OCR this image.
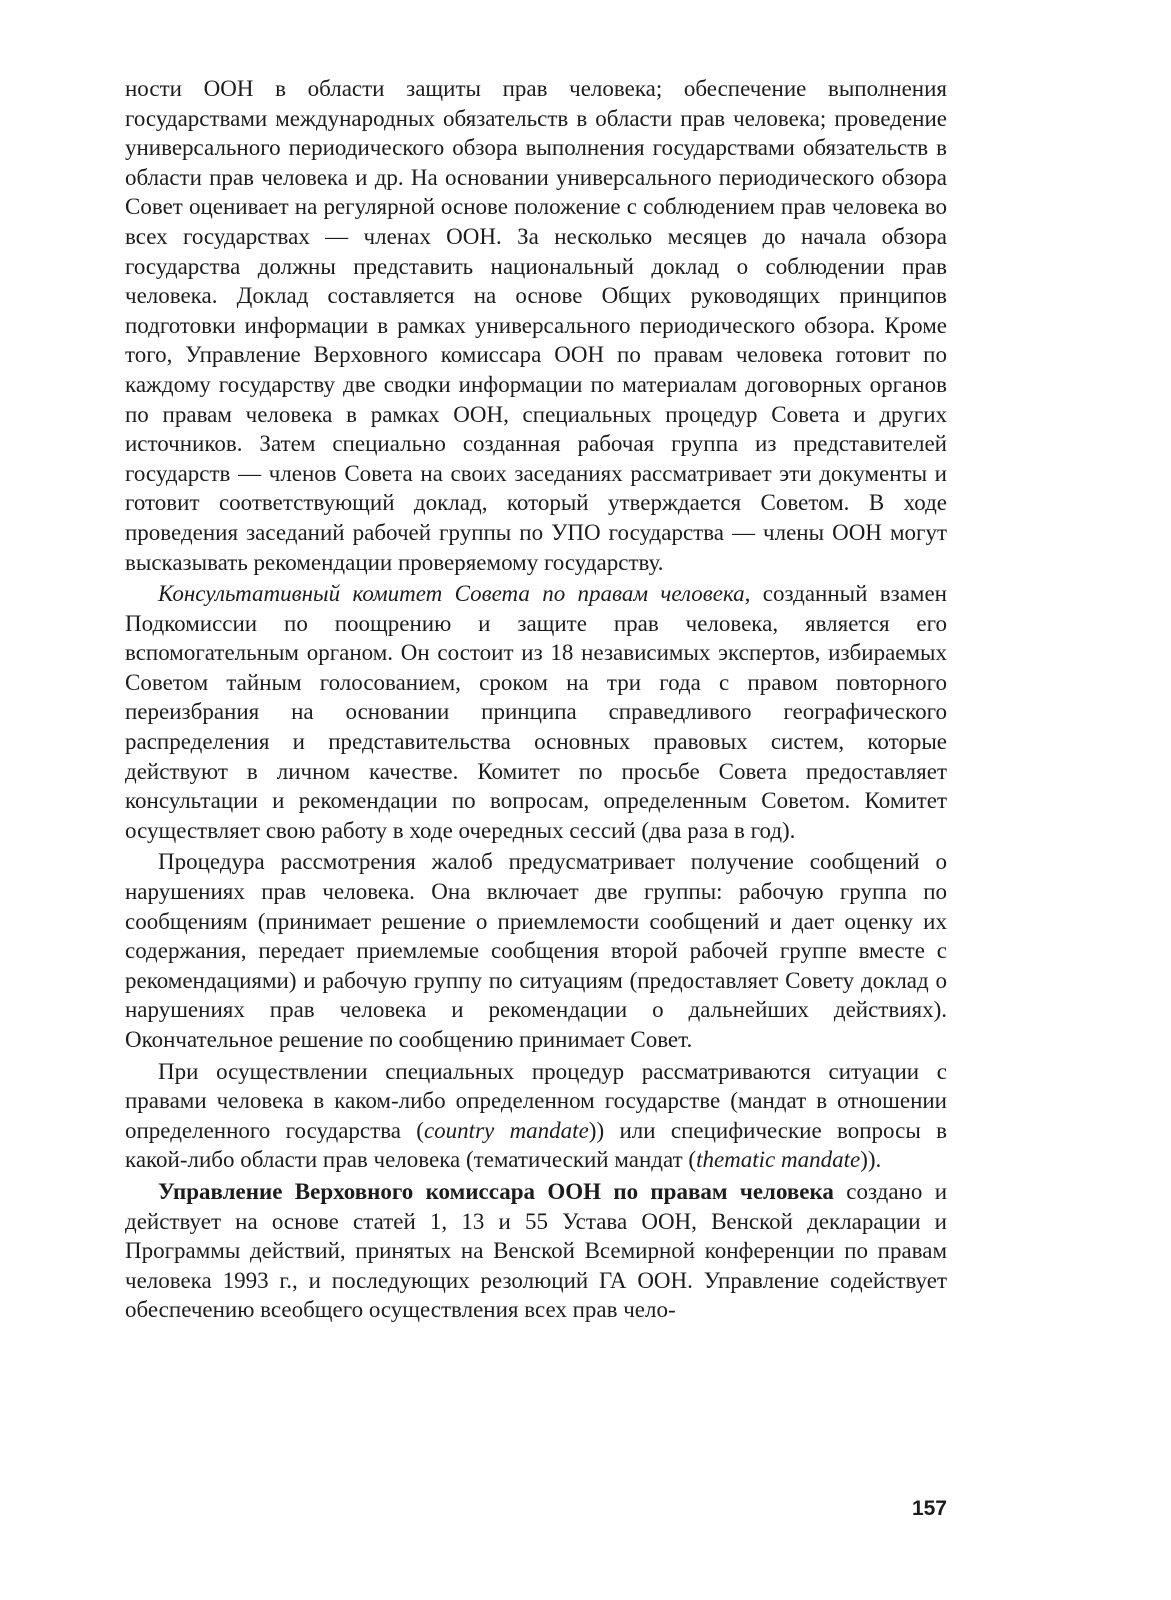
ности ООН в области защиты прав человека; обеспечение выполнения государствами международных обязательств в области прав человека; проведение универсального периодического обзора выполнения государствами обязательств в области прав человека и др. На основании универсального периодического обзора Совет оценивает на регулярной основе положение с соблюдением прав человека во всех государствах — членах ООН. За несколько месяцев до начала обзора государства должны представить национальный доклад о соблюдении прав человека. Доклад составляется на основе Общих руководящих принципов подготовки информации в рамках универсального периодического обзора. Кроме того, Управление Верховного комиссара ООН по правам человека готовит по каждому государству две сводки информации по материалам договорных органов по правам человека в рамках ООН, специальных процедур Совета и других источников. Затем специально созданная рабочая группа из представителей государств — членов Совета на своих заседаниях рассматривает эти документы и готовит соответствующий доклад, который утверждается Советом. В ходе проведения заседаний рабочей группы по УПО государства — члены ООН могут высказывать рекомендации проверяемому государству.

Консультативный комитет Совета по правам человека, созданный взамен Подкомиссии по поощрению и защите прав человека, является его вспомогательным органом. Он состоит из 18 независимых экспертов, избираемых Советом тайным голосованием, сроком на три года с правом повторного переизбрания на основании принципа справедливого географического распределения и представительства основных правовых систем, которые действуют в личном качестве. Комитет по просьбе Совета предоставляет консультации и рекомендации по вопросам, определенным Советом. Комитет осуществляет свою работу в ходе очередных сессий (два раза в год).

Процедура рассмотрения жалоб предусматривает получение сообщений о нарушениях прав человека. Она включает две группы: рабочую группа по сообщениям (принимает решение о приемлемости сообщений и дает оценку их содержания, передает приемлемые сообщения второй рабочей группе вместе с рекомендациями) и рабочую группу по ситуациям (предоставляет Совету доклад о нарушениях прав человека и рекомендации о дальнейших действиях). Окончательное решение по сообщению принимает Совет.

При осуществлении специальных процедур рассматриваются ситуации с правами человека в каком-либо определенном государстве (мандат в отношении определенного государства (country mandate)) или специфические вопросы в какой-либо области прав человека (тематический мандат (thematic mandate)).

Управление Верховного комиссара ООН по правам человека создано и действует на основе статей 1, 13 и 55 Устава ООН, Венской декларации и Программы действий, принятых на Венской Всемирной конференции по правам человека 1993 г., и последующих резолюций ГА ООН. Управление содействует обеспечению всеобщего осуществления всех прав чело-

157
